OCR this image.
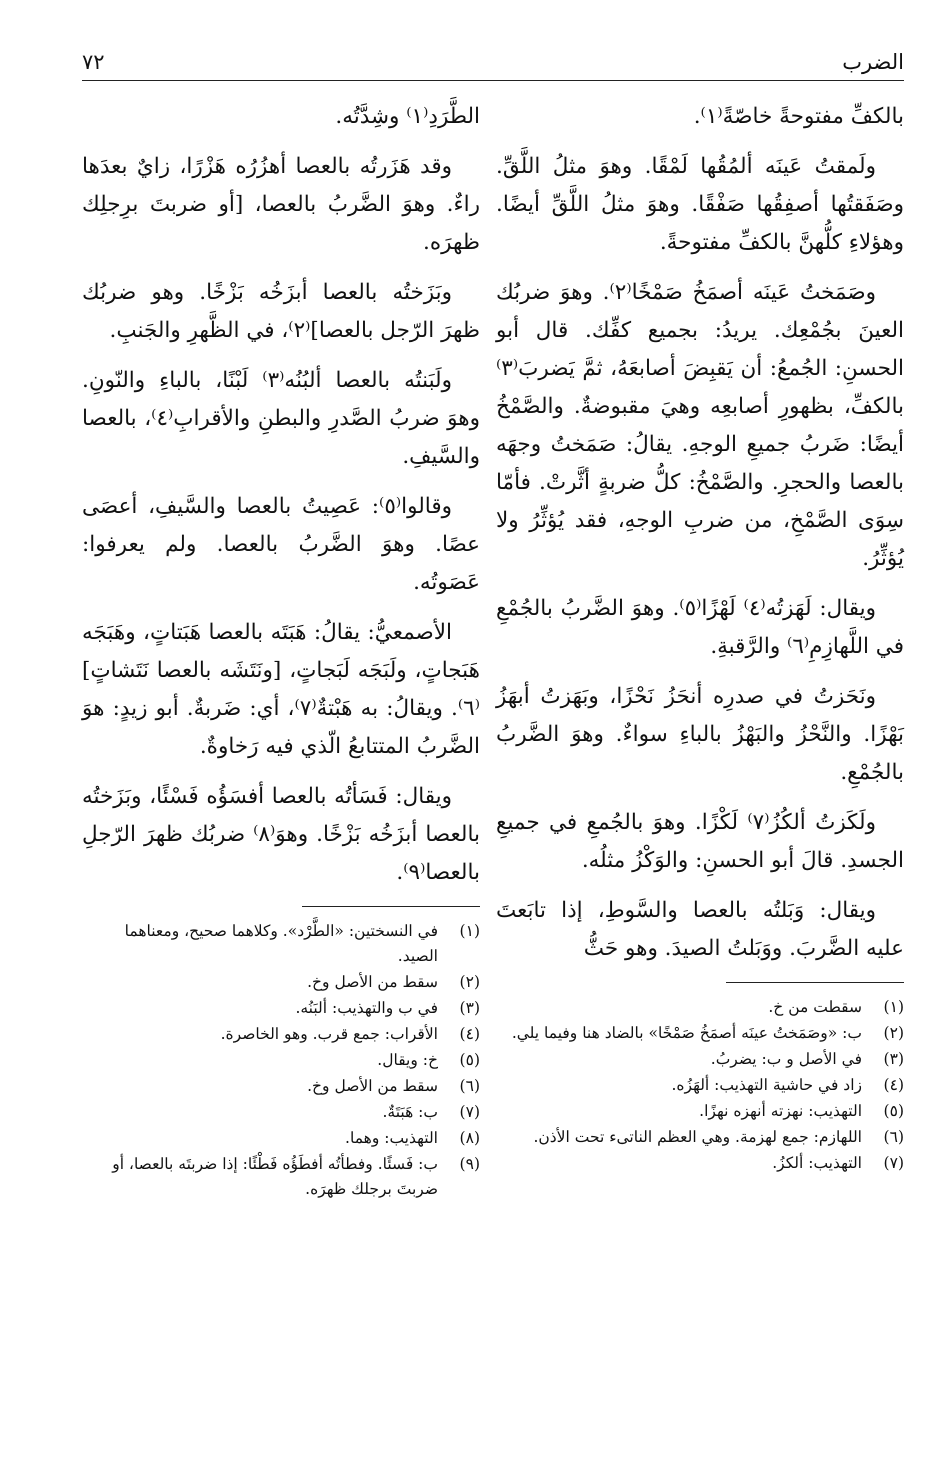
الضرب
٧٢

بالكفِّ مفتوحةً خاصّةً⁽١⁾.

ولَمقتُ عَينَه ألمُقُها لَمْقًا. وهوَ مثلُ اللَّقِّ. وصَفَقتُها أصفِقُها صَفْقًا. وهوَ مثلُ اللَّقِّ أيضًا. وهؤلاءِ كلُّهنَّ بالكفِّ مفتوحةً.

وصَمَختُ عَينَه أصمَخُ صَمْخًا⁽٢⁾. وهوَ ضربُك العينَ بجُمْعِك. يريدُ: بجميع كفِّك. قال أبو الحسنِ: الجُمعُ: أن يَقبِضَ أصابعَهُ، ثمَّ يَضربَ⁽٣⁾ بالكفِّ، بظهورِ أصابعِه وهيَ مقبوضةٌ. والصَّمْخُ أيضًا: ضَربُ جميعِ الوجهِ. يقالُ: صَمَختُ وجهَه بالعصا والحجرِ. والصَّمْخُ: كلُّ ضربةٍ أثَّرتْ. فأمّا سِوَى الصَّمْخِ، من ضربِ الوجهِ، فقد يُؤثِّرُ ولا يُؤثِّرُ.

ويقال: لَهَزتُه⁽٤⁾ لَهْزًا⁽٥⁾. وهوَ الضَّربُ بالجُمْعِ في اللَّهازِمِ⁽٦⁾ والرَّقبةِ.

ونَحَزتُ في صدرِه أنحَزُ نَحْزًا، وبَهَزتُ أبهَزُ بَهْزًا. والنَّحْزُ والبَهْزُ بالباءِ سواءٌ. وهوَ الضَّربُ بالجُمْعِ.

ولَكَزتُ ألكُزُ⁽٧⁾ لَكْزًا. وهوَ بالجُمعِ في جميعِ الجسدِ. قالَ أبو الحسنِ: والوَكْزُ مثلُه.

ويقال: وَبَلتُه بالعصا والسَّوطِ، إذا تابَعتَ عليه الضَّربَ. ووَبَلتُ الصيدَ. وهو حَثُّ

(١)
سقطت من خ.
(٢)
ب: «وصَمَختُ عينَه أصمَخُ صَمْخًا» بالضاد هنا وفيما يلي.
(٣)
في الأصل و ب: يضربُ.
(٤)
زاد في حاشية التهذيب: ألهَزُه.
(٥)
التهذيب: نهزته أنهزه نهزًا.
(٦)
اللهازم: جمع لهزمة. وهي العظم الناتىء تحت الأذن.
(٧)
التهذيب: ألكزُ.

الطَّرَدِ⁽١⁾ وشِدَّتُه.

وقد هَزَرتُه بالعصا أهزُرُه هَزْرًا، زايٌ بعدَها راءٌ. وهوَ الضَّربُ بالعصا، [أو ضربتَ برِجلِك ظهرَه.

وبَزَختُه بالعصا أبزَخُه بَزْخًا. وهو ضربُك ظهرَ الرّجل بالعصا]⁽٢⁾، في الظَّهرِ والجَنبِ.

ولَبَنتُه بالعصا ألبُنُه⁽٣⁾ لَبْنًا، بالباءِ والنّونِ. وهوَ ضربُ الصَّدرِ والبطنِ والأقرابِ⁽٤⁾، بالعصا والسَّيفِ.

وقالوا⁽٥⁾: عَصِيتُ بالعصا والسَّيفِ، أعصَى عصًا. وهوَ الضَّربُ بالعصا. ولم يعرفوا: عَصَوتُه.

الأصمعيُّ: يقالُ: هَبَتَه بالعصا هَبَتاتٍ، وهَبَجَه هَبَجاتٍ، ولَبَجَه لَبَجاتٍ، [ونَتَشَه بالعصا نَتَشاتٍ]⁽٦⁾. ويقالُ: به هَبْتةٌ⁽٧⁾، أي: ضَربةٌ. أبو زيدٍ: هوَ الضَّربُ المتتابعُ الّذي فيه رَخاوةٌ.

ويقال: فَسَأتُه بالعصا أفسَؤُه فَسْئًا، وبَزَختُه بالعصا أبزَخُه بَزْخًا. وهوَ⁽٨⁾ ضربُك ظهرَ الرّجلِ بالعصا⁽٩⁾.

(١)
في النسختين: «الطَّرْد». وكلاهما صحيح، ومعناهما الصيد.
(٢)
سقط من الأصل وخ.
(٣)
في ب والتهذيب: ألبَنُه.
(٤)
الأقراب: جمع قرب. وهو الخاصرة.
(٥)
خ: ويقال.
(٦)
سقط من الأصل وخ.
(٧)
ب: هَبَتَةٌ.
(٨)
التهذيب: وهما.
(٩)
ب: فَسئًا. وفطأتُه أفطَؤُه فَطْئًا: إذا ضربتَه بالعصا، أو ضربتَ برجلك ظهرَه.
